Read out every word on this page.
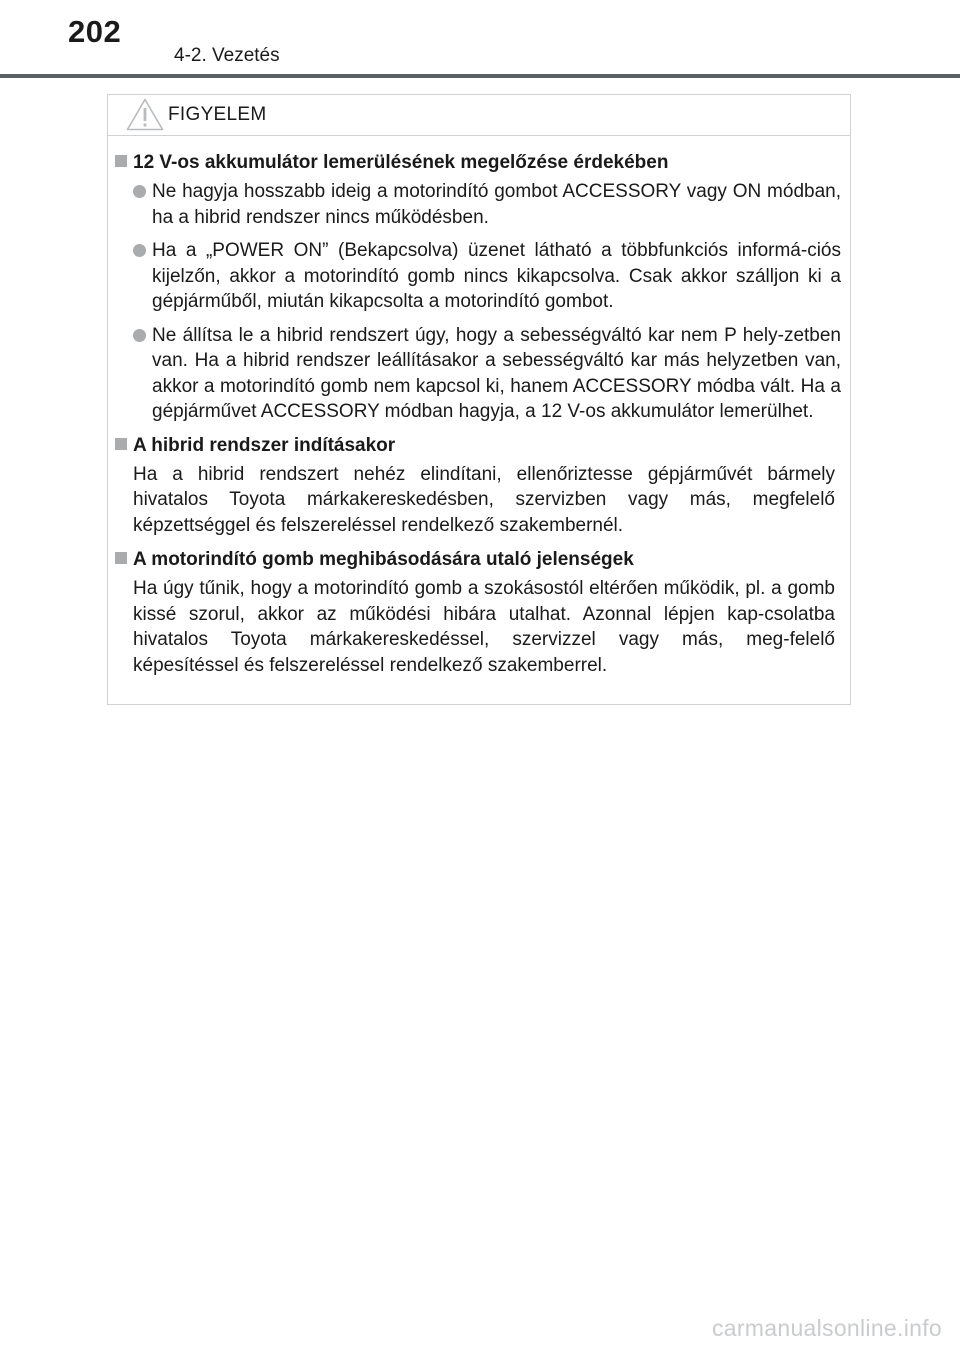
202
4-2. Vezetés
FIGYELEM
12 V-os akkumulátor lemerülésének megelőzése érdekében
Ne hagyja hosszabb ideig a motorindító gombot ACCESSORY vagy ON módban, ha a hibrid rendszer nincs működésben.
Ha a „POWER ON” (Bekapcsolva) üzenet látható a többfunkciós informá-ciós kijelzőn, akkor a motorindító gomb nincs kikapcsolva. Csak akkor szálljon ki a gépjárműből, miután kikapcsolta a motorindító gombot.
Ne állítsa le a hibrid rendszert úgy, hogy a sebességváltó kar nem P hely-zetben van. Ha a hibrid rendszer leállításakor a sebességváltó kar más helyzetben van, akkor a motorindító gomb nem kapcsol ki, hanem ACCESSORY módba vált. Ha a gépjárművet ACCESSORY módban hagyja, a 12 V-os akkumulátor lemerülhet.
A hibrid rendszer indításakor
Ha a hibrid rendszert nehéz elindítani, ellenőriztesse gépjárművét bármely hivatalos Toyota márkakereskedésben, szervizben vagy más, megfelelő képzettséggel és felszereléssel rendelkező szakembernél.
A motorindító gomb meghibásodására utaló jelenségek
Ha úgy tűnik, hogy a motorindító gomb a szokásostól eltérően működik, pl. a gomb kissé szorul, akkor az működési hibára utalhat. Azonnal lépjen kap-csolatba hivatalos Toyota márkakereskedéssel, szervizzel vagy más, meg-felelő képesítéssel és felszereléssel rendelkező szakemberrel.
carmanualsonline.info
